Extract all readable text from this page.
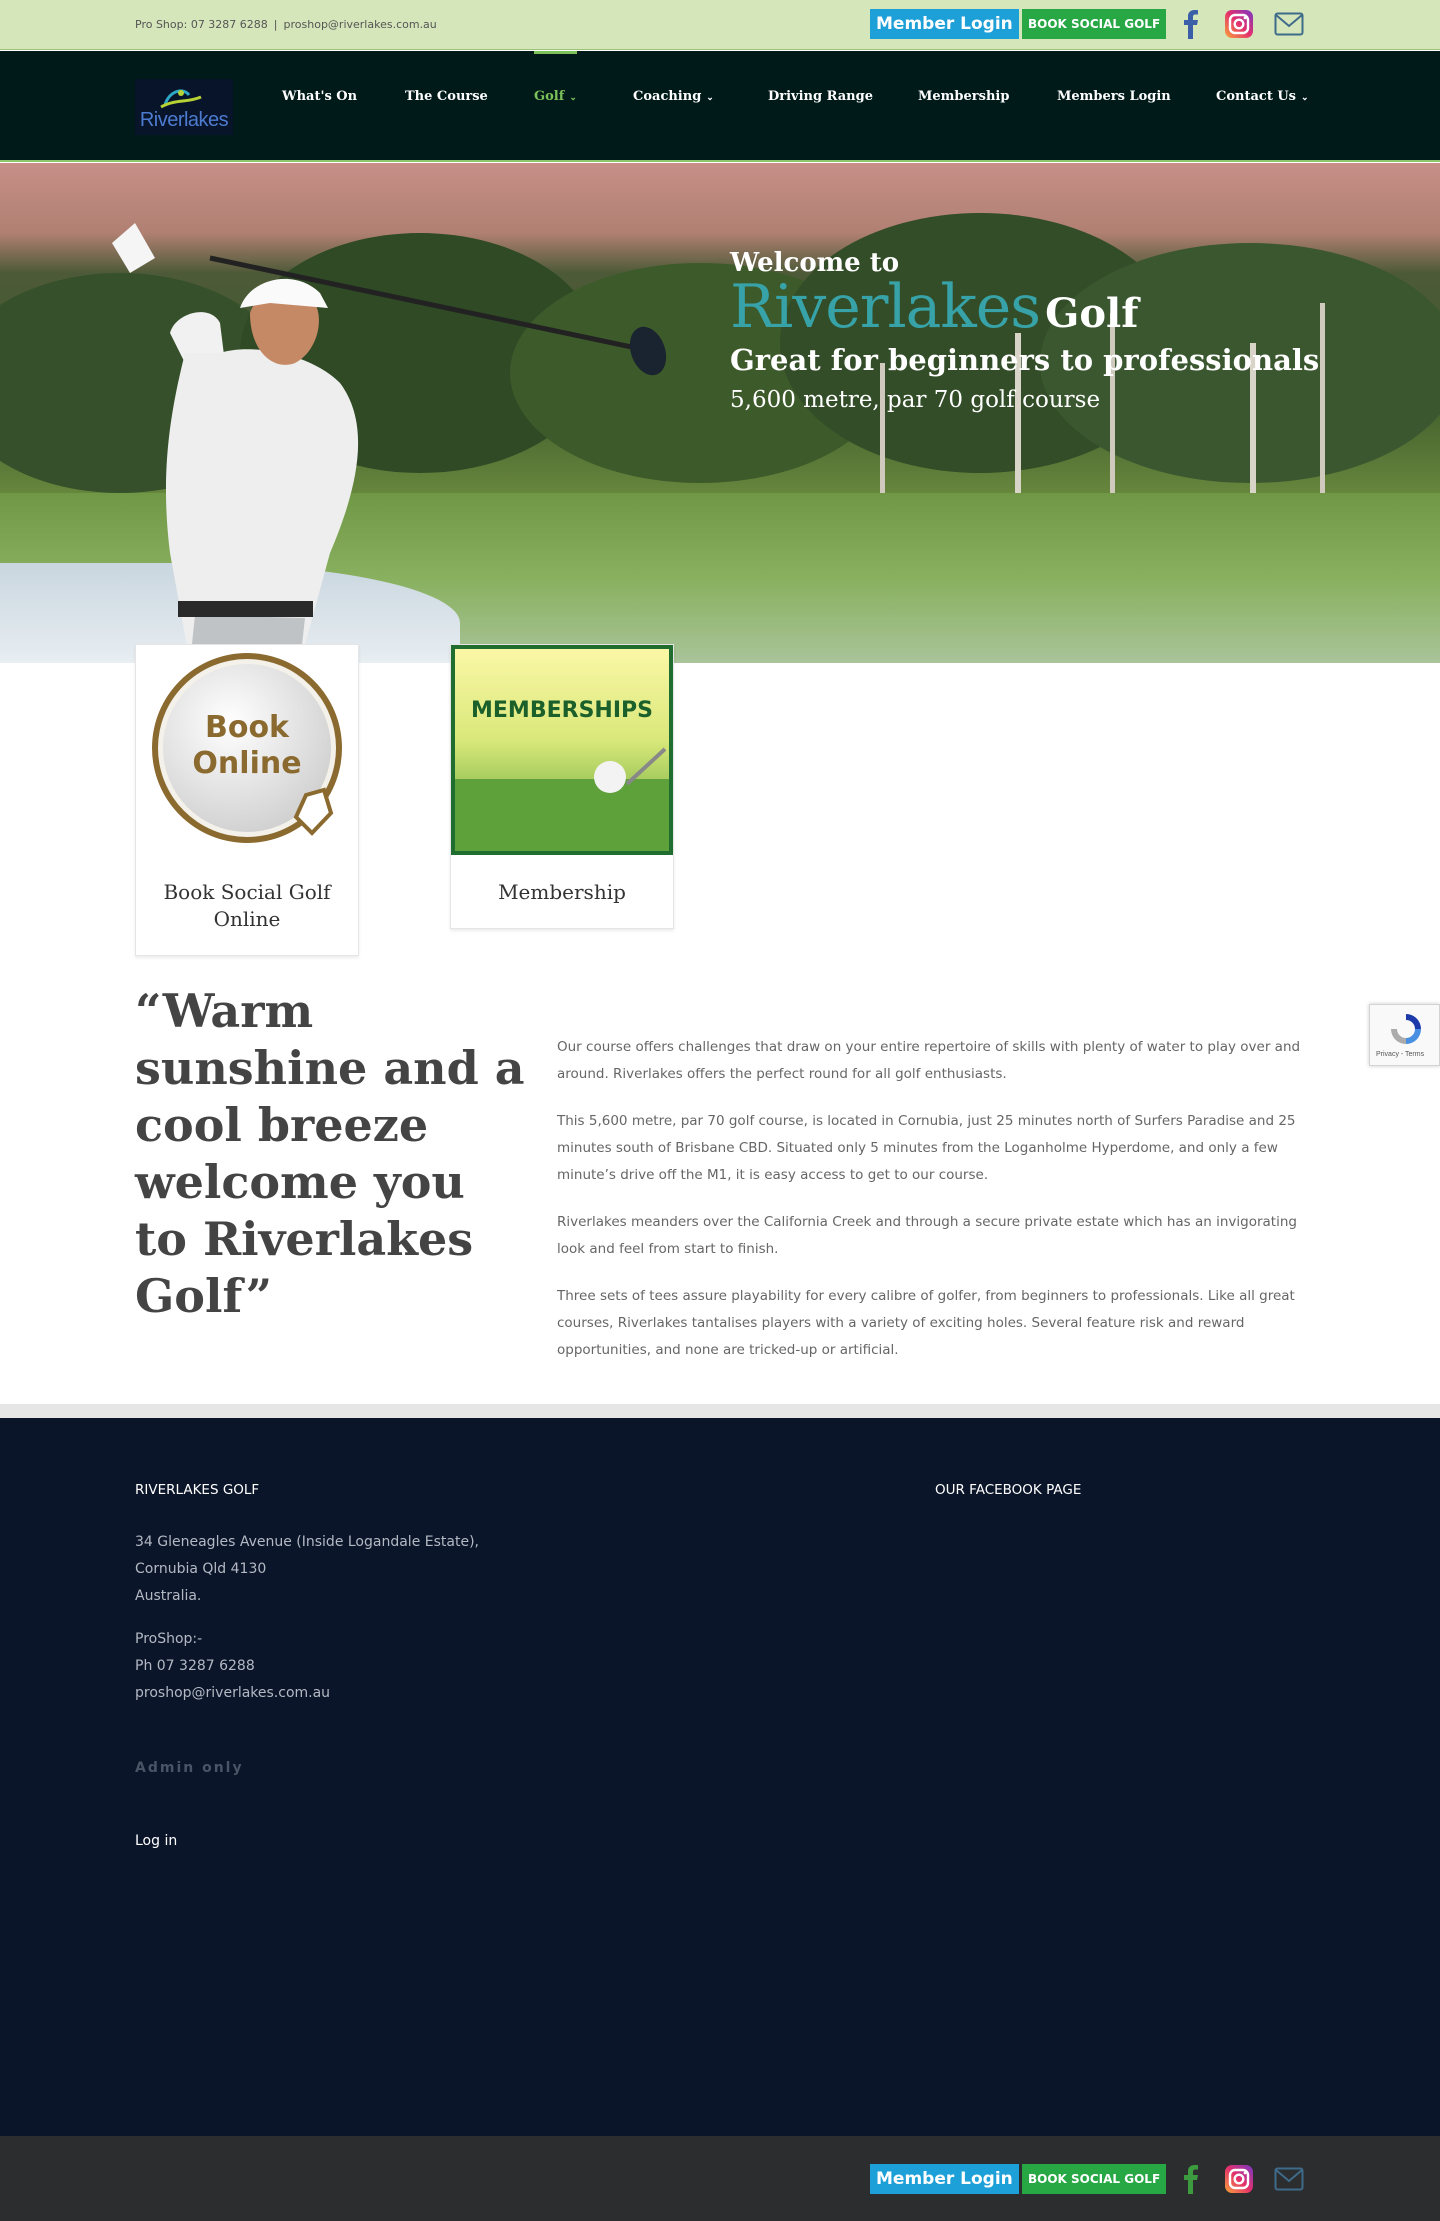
Pro Shop: 07 3287 6288 | proshop@riverlakes.com.au	Member Login	BOOK SOCIAL GOLF
Riverlakes
What's On	The Course	Golf ⌄	Coaching ⌄	Driving Range	Membership	Members Login	Contact Us ⌄
Welcome to
Riverlakes Golf
Great for beginners to professionals
5,600 metre, par 70 golf course
Book
Online
Book Social Golf Online
MEMBERSHIPS
Membership
“Warm sunshine and a cool breeze welcome you to Riverlakes Golf”

Our course offers challenges that draw on your entire repertoire of skills with plenty of water to play over and around. Riverlakes offers the perfect round for all golf enthusiasts.

This 5,600 metre, par 70 golf course, is located in Cornubia, just 25 minutes north of Surfers Paradise and 25 minutes south of Brisbane CBD. Situated only 5 minutes from the Loganholme Hyperdome, and only a few minute’s drive off the M1, it is easy access to get to our course.

Riverlakes meanders over the California Creek and through a secure private estate which has an invigorating look and feel from start to finish.

Three sets of tees assure playability for every calibre of golfer, from beginners to professionals. Like all great courses, Riverlakes tantalises players with a variety of exciting holes. Several feature risk and reward opportunities, and none are tricked-up or artificial.

Privacy - Terms
RIVERLAKES GOLF
34 Gleneagles Avenue (Inside Logandale Estate),
Cornubia Qld 4130
Australia.
ProShop:-
Ph 07 3287 6288
proshop@riverlakes.com.au
Admin only
Log in
OUR FACEBOOK PAGE
Member Login	BOOK SOCIAL GOLF
